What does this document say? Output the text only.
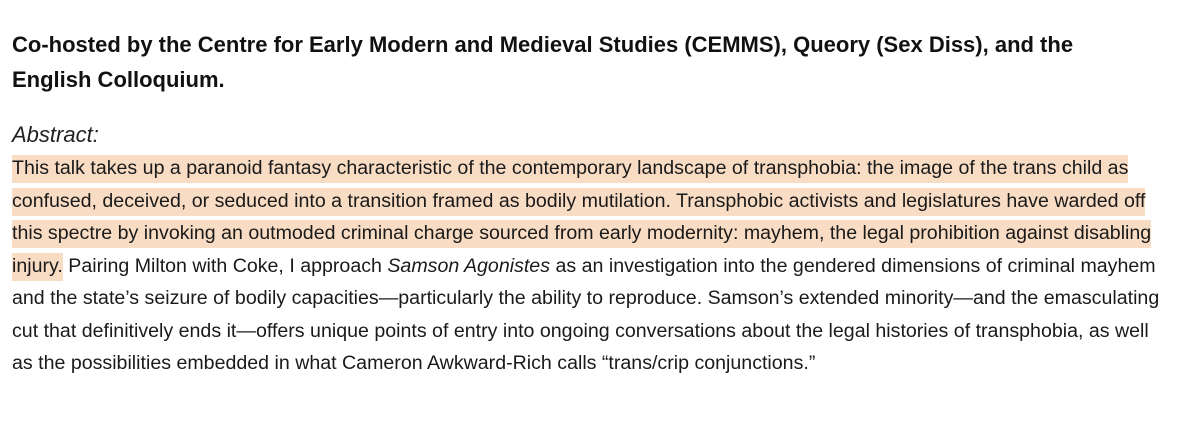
Co-hosted by the Centre for Early Modern and Medieval Studies (CEMMS), Queory (Sex Diss), and the English Colloquium.
Abstract:

This talk takes up a paranoid fantasy characteristic of the contemporary landscape of transphobia: the image of the trans child as confused, deceived, or seduced into a transition framed as bodily mutilation. Transphobic activists and legislatures have warded off this spectre by invoking an outmoded criminal charge sourced from early modernity: mayhem, the legal prohibition against disabling injury. Pairing Milton with Coke, I approach Samson Agonistes as an investigation into the gendered dimensions of criminal mayhem and the state’s seizure of bodily capacities—particularly the ability to reproduce. Samson’s extended minority—and the emasculating cut that definitively ends it—offers unique points of entry into ongoing conversations about the legal histories of transphobia, as well as the possibilities embedded in what Cameron Awkward-Rich calls “trans/crip conjunctions.”
